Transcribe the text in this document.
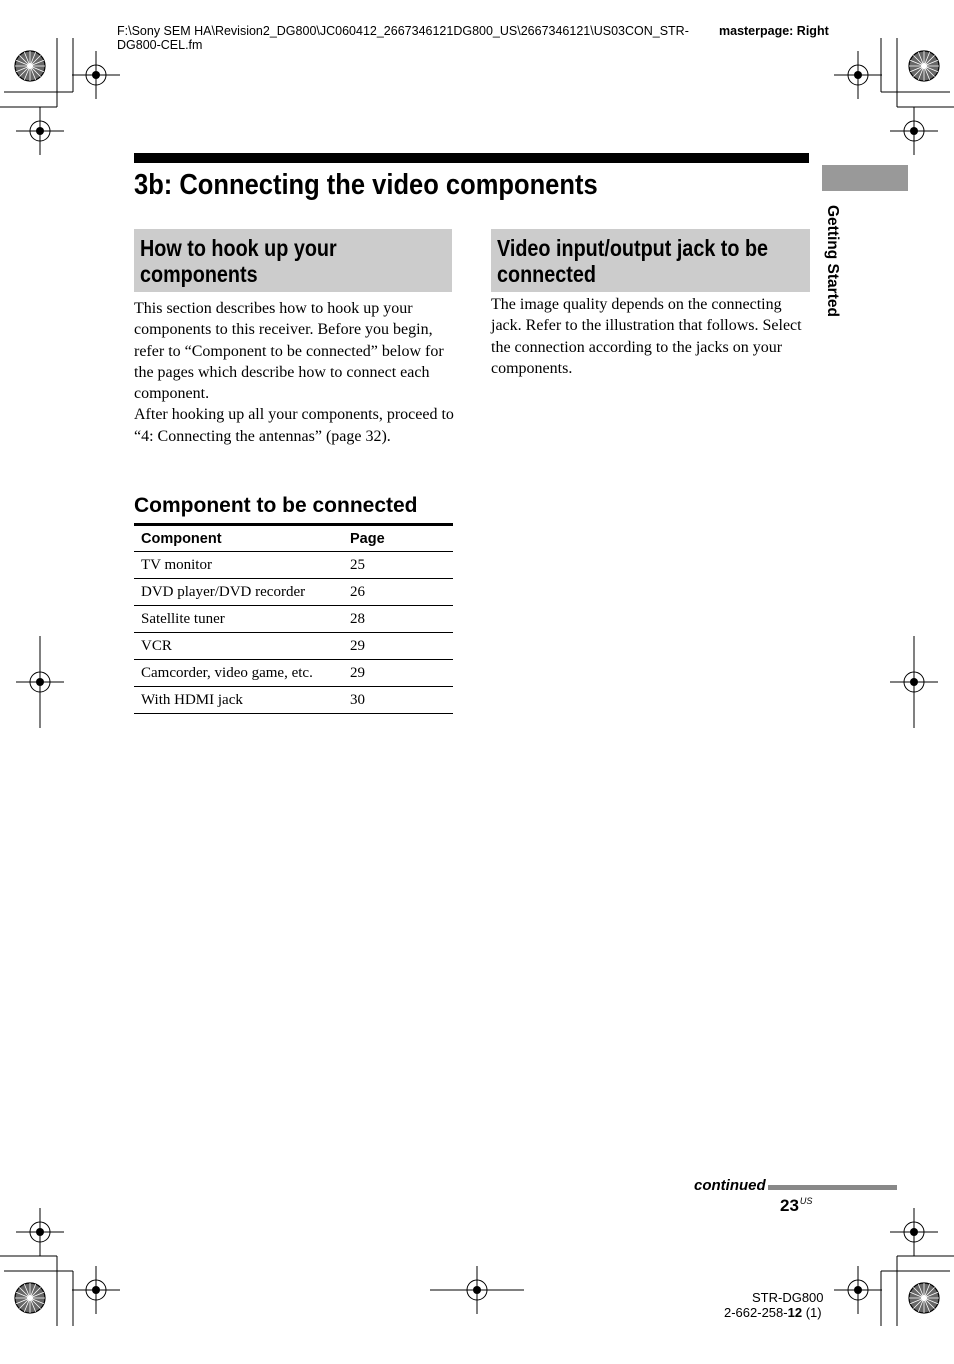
F:\Sony SEM HA\Revision2_DG800\JC060412_2667346121DG800_US\2667346121\US03CON_STR-DG800-CEL.fm
masterpage: Right
3b: Connecting the video components
Getting Started
How to hook up your components

This section describes how to hook up your components to this receiver. Before you begin, refer to “Component to be connected” below for the pages which describe how to connect each component.

After hooking up all your components, proceed to “4: Connecting the antennas” (page 32).

Video input/output jack to be connected

The image quality depends on the connecting jack. Refer to the illustration that follows. Select the connection according to the jacks on your components.

Component to be connected
Component	Page
TV monitor	25
DVD player/DVD recorder	26
Satellite tuner	28
VCR	29
Camcorder, video game, etc.	29
With HDMI jack	30
continued
$23^{US}$
STR-DG800
2-662-258-12 (1)
